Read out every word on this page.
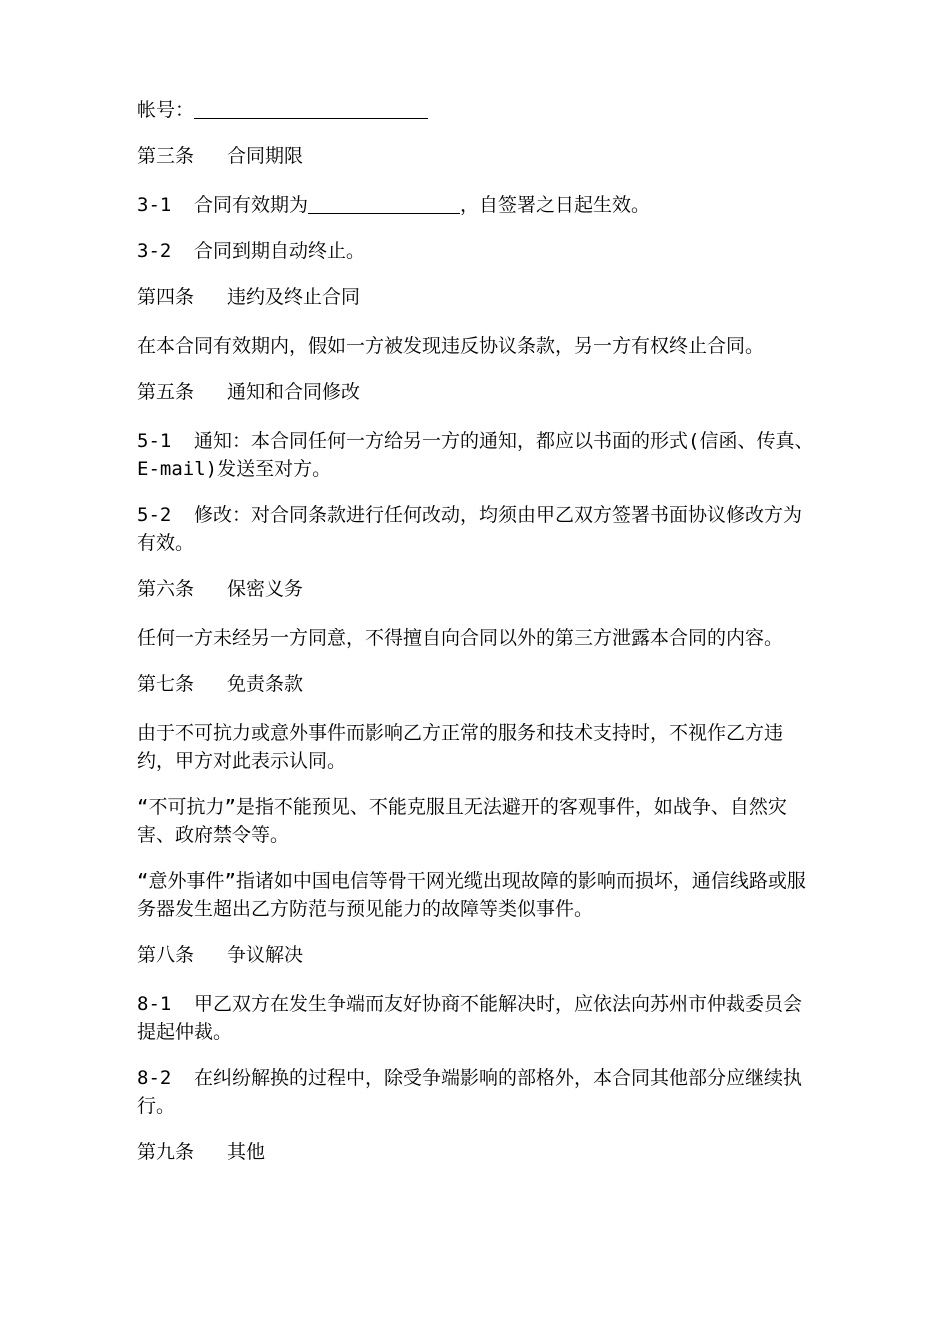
帐号：

第三条 合同期限

3-1 合同有效期为	，自签署之日起生效。

3-2 合同到期自动终止。

第四条 违约及终止合同

在本合同有效期内，假如一方被发现违反协议条款，另一方有权终止合同。

第五条 通知和合同修改

5-1 通知：本合同任何一方给另一方的通知，都应以书面的形式(信函、传真、E-mail)发送至对方。

5-2 修改：对合同条款进行任何改动，均须由甲乙双方签署书面协议修改方为有效。

第六条 保密义务

任何一方未经另一方同意，不得擅自向合同以外的第三方泄露本合同的内容。

第七条 免责条款

由于不可抗力或意外事件而影响乙方正常的服务和技术支持时，不视作乙方违约，甲方对此表示认同。

“不可抗力”是指不能预见、不能克服且无法避开的客观事件，如战争、自然灾害、政府禁令等。

“意外事件”指诸如中国电信等骨干网光缆出现故障的影响而损坏，通信线路或服务器发生超出乙方防范与预见能力的故障等类似事件。

第八条 争议解决

8-1 甲乙双方在发生争端而友好协商不能解决时，应依法向苏州市仲裁委员会提起仲裁。

8-2 在纠纷解换的过程中，除受争端影响的部格外，本合同其他部分应继续执行。

第九条 其他
